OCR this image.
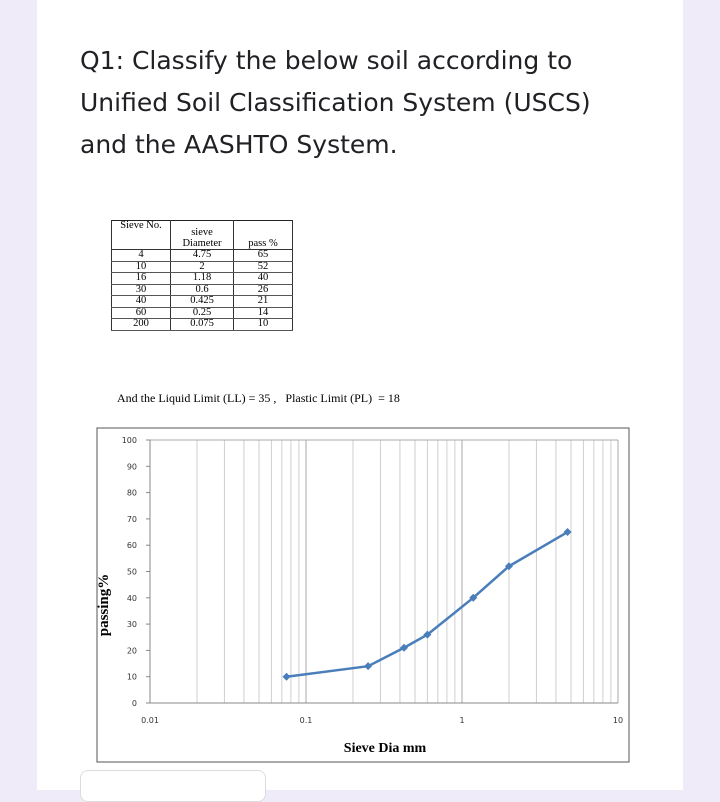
Q1: Classify the below soil according to
Unified Soil Classification System (USCS)
and the AASHTO System.
Sieve No.	sieve Diameter	pass %
4	4.75	65
10	2	52
16	1.18	40
30	0.6	26
40	0.425	21
60	0.25	14
200	0.075	10
And the Liquid Limit (LL) = 35 ,   Plastic Limit (PL)  = 18
0
10
20
30
40
50
60
70
80
90
100
0.01	0.1	1	10
Sieve Dia mm
passing%
